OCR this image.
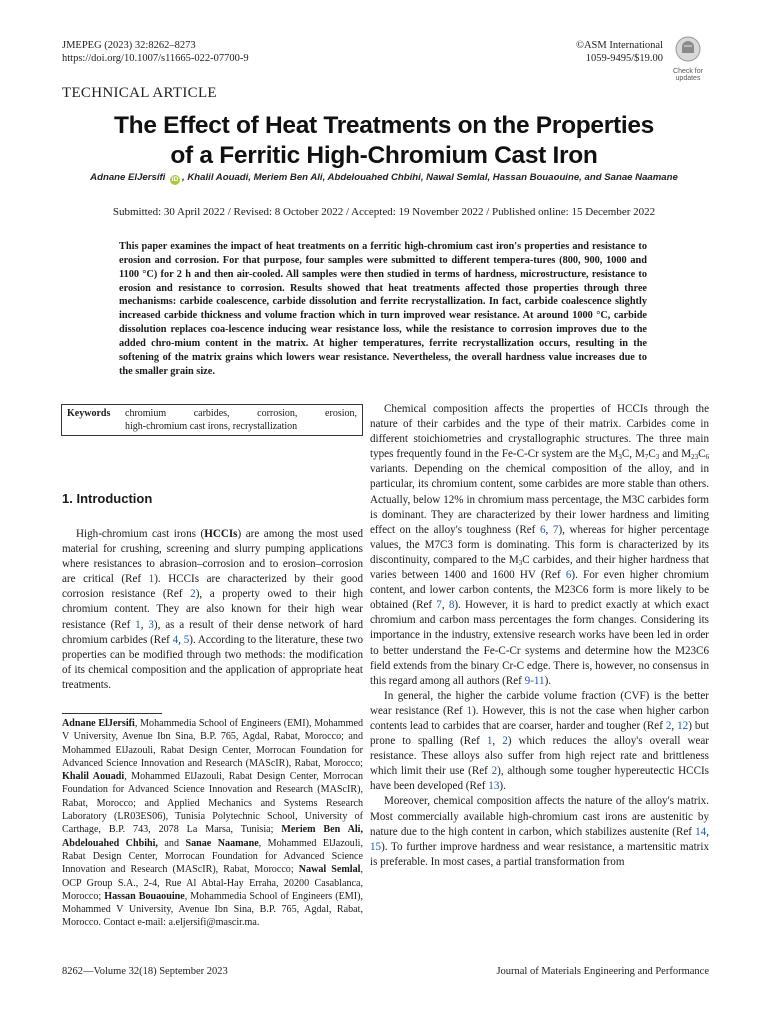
JMEPEG (2023) 32:8262–8273
https://doi.org/10.1007/s11665-022-07700-9
©ASM International
1059-9495/$19.00
Check for updates
TECHNICAL ARTICLE
The Effect of Heat Treatments on the Properties
of a Ferritic High-Chromium Cast Iron
Adnane ElJersifi iD , Khalil Aouadi, Meriem Ben Ali, Abdelouahed Chbihi, Nawal Semlal, Hassan Bouaouine, and Sanae Naamane
Submitted: 30 April 2022 / Revised: 8 October 2022 / Accepted: 19 November 2022 / Published online: 15 December 2022
This paper examines the impact of heat treatments on a ferritic high-chromium cast iron's properties and resistance to erosion and corrosion. For that purpose, four samples were submitted to different tempera-tures (800, 900, 1000 and 1100 °C) for 2 h and then air-cooled. All samples were then studied in terms of hardness, microstructure, resistance to erosion and resistance to corrosion. Results showed that heat treatments affected those properties through three mechanisms: carbide coalescence, carbide dissolution and ferrite recrystallization. In fact, carbide coalescence slightly increased carbide thickness and volume fraction which in turn improved wear resistance. At around 1000 °C, carbide dissolution replaces coa-lescence inducing wear resistance loss, while the resistance to corrosion improves due to the added chro-mium content in the matrix. At higher temperatures, ferrite recrystallization occurs, resulting in the softening of the matrix grains which lowers wear resistance. Nevertheless, the overall hardness value increases due to the smaller grain size.
Keywords chromium	carbides,	corrosion,	erosion,
high-chromium cast irons, recrystallization
1. Introduction

High-chromium cast irons (HCCIs) are among the most used material for crushing, screening and slurry pumping applications where resistances to abrasion–corrosion and to erosion–corrosion are critical (Ref 1). HCCIs are characterized by their good corrosion resistance (Ref 2), a property owed to their high chromium content. They are also known for their high wear resistance (Ref 1, 3), as a result of their dense network of hard chromium carbides (Ref 4, 5). According to the literature, these two properties can be modified through two methods: the modification of its chemical composition and the application of appropriate heat treatments.

Adnane ElJersifi, Mohammedia School of Engineers (EMI), Mohammed V University, Avenue Ibn Sina, B.P. 765, Agdal, Rabat, Morocco; and Mohammed ElJazouli, Rabat Design Center, Morrocan Foundation for Advanced Science Innovation and Research (MAScIR), Rabat, Morocco; Khalil Aouadi, Mohammed ElJazouli, Rabat Design Center, Morrocan Foundation for Advanced Science Innovation and Research (MAScIR), Rabat, Morocco; and Applied Mechanics and Systems Research Laboratory (LR03ES06), Tunisia Polytechnic School, University of Carthage, B.P. 743, 2078 La Marsa, Tunisia; Meriem Ben Ali, Abdelouahed Chbihi, and Sanae Naamane, Mohammed ElJazouli, Rabat Design Center, Morrocan Foundation for Advanced Science Innovation and Research (MAScIR), Rabat, Morocco; Nawal Semlal, OCP Group S.A., 2-4, Rue Al Abtal-Hay Erraha, 20200 Casablanca, Morocco; Hassan Bouaouine, Mohammedia School of Engineers (EMI), Mohammed V University, Avenue Ibn Sina, B.P. 765, Agdal, Rabat, Morocco. Contact e-mail: a.eljersifi@mascir.ma.

Chemical composition affects the properties of HCCIs through the nature of their carbides and the type of their matrix. Carbides come in different stoichiometries and crystallographic structures. The three main types frequently found in the Fe-C-Cr system are the $M_3C$, $M_7C_3$ and $M_{23}C_6$ variants. Depending on the chemical composition of the alloy, and in particular, its chromium content, some carbides are more stable than others. Actually, below 12% in chromium mass percentage, the M3C carbides form is dominant. They are characterized by their lower hardness and limiting effect on the alloy's toughness (Ref 6, 7), whereas for higher percentage values, the M7C3 form is dominating. This form is characterized by its discontinuity, compared to the $M_3C$ carbides, and their higher hardness that varies between 1400 and 1600 HV (Ref 6). For even higher chromium content, and lower carbon contents, the M23C6 form is more likely to be obtained (Ref 7, 8). However, it is hard to predict exactly at which exact chromium and carbon mass percentages the form changes. Considering its importance in the industry, extensive research works have been led in order to better understand the Fe-C-Cr systems and determine how the M23C6 field extends from the binary Cr-C edge. There is, however, no consensus in this regard among all authors (Ref 9-11).

In general, the higher the carbide volume fraction (CVF) is the better wear resistance (Ref 1). However, this is not the case when higher carbon contents lead to carbides that are coarser, harder and tougher (Ref 2, 12) but prone to spalling (Ref 1, 2) which reduces the alloy's overall wear resistance. These alloys also suffer from high reject rate and brittleness which limit their use (Ref 2), although some tougher hypereutectic HCCIs have been developed (Ref 13).

Moreover, chemical composition affects the nature of the alloy's matrix. Most commercially available high-chromium cast irons are austenitic by nature due to the high content in carbon, which stabilizes austenite (Ref 14, 15). To further improve hardness and wear resistance, a martensitic matrix is preferable. In most cases, a partial transformation from

8262—Volume 32(18) September 2023	Journal of Materials Engineering and Performance
